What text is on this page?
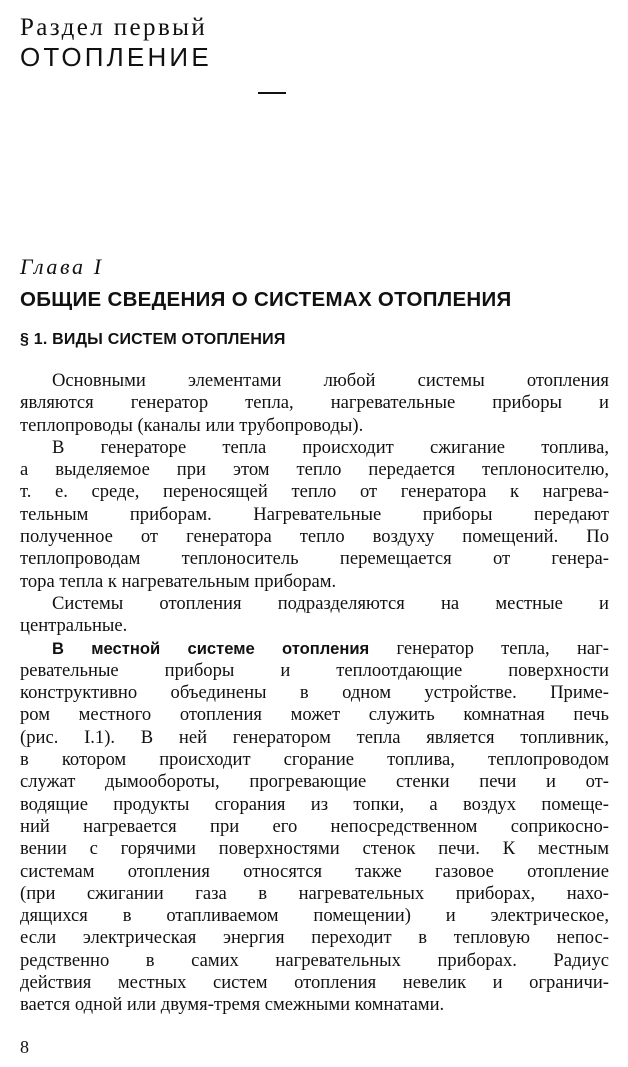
Раздел первый
ОТОПЛЕНИЕ
Глава I
ОБЩИЕ СВЕДЕНИЯ О СИСТЕМАХ ОТОПЛЕНИЯ
§ 1. ВИДЫ СИСТЕМ ОТОПЛЕНИЯ
Основными элементами любой системы отопления
являются генератор тепла, нагревательные приборы и
теплопроводы (каналы или трубопроводы).
В генераторе тепла происходит сжигание топлива,
а выделяемое при этом тепло передается теплоносителю,
т. е. среде, переносящей тепло от генератора к нагрева-
тельным приборам. Нагревательные приборы передают
полученное от генератора тепло воздуху помещений. По
теплопроводам теплоноситель перемещается от генера-
тора тепла к нагревательным приборам.
Системы отопления подразделяются на местные и
центральные.
В местной системе отопления генератор тепла, наг-
ревательные приборы и теплоотдающие поверхности
конструктивно объединены в одном устройстве. Приме-
ром местного отопления может служить комнатная печь
(рис. I.1). В ней генератором тепла является топливник,
в котором происходит сгорание топлива, теплопроводом
служат дымообороты, прогревающие стенки печи и от-
водящие продукты сгорания из топки, а воздух помеще-
ний нагревается при его непосредственном соприкосно-
вении с горячими поверхностями стенок печи. К местным
системам отопления относятся также газовое отопление
(при сжигании газа в нагревательных приборах, нахо-
дящихся в отапливаемом помещении) и электрическое,
если электрическая энергия переходит в тепловую непос-
редственно в самих нагревательных приборах. Радиус
действия местных систем отопления невелик и ограничи-
вается одной или двумя-тремя смежными комнатами.
8
